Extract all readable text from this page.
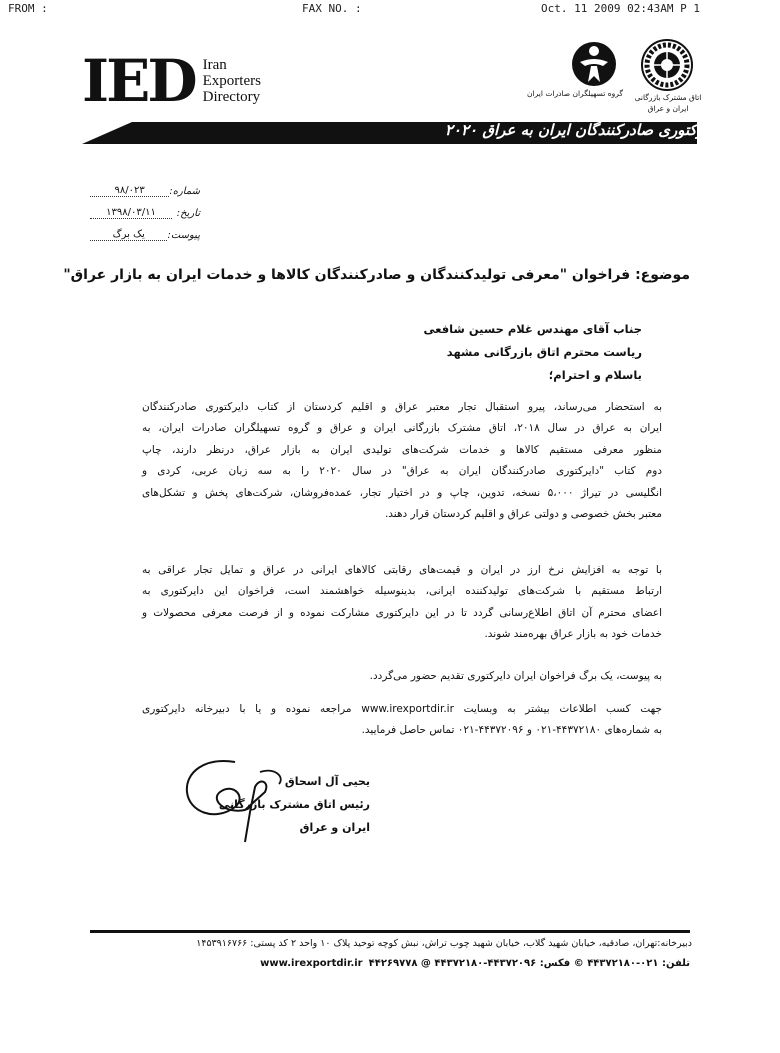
FROM :	FAX NO. :	Oct. 11 2009 02:43AM P 1
IED Iran
Exporters
Directory	گروه تسهیلگران صادرات ایران	اتاق مشترک بازرگانی
ایران و عراق
دایرکتوری صادرکنندگان ایران به عراق ۲۰۲۰
۹۸/۰۲۳	شماره:
۱۳۹۸/۰۳/۱۱	تاریخ:
یک برگ	پیوست:
موضوع: فراخوان "معرفی تولیدکنندگان و صادرکنندگان کالاها و خدمات ایران به بازار عراق"
جناب آقای مهندس غلام حسین شافعی
ریاست محترم اتاق بازرگانی مشهد
باسلام و احترام؛
به استحضار می‌رساند، پیرو استقبال تجار معتبر عراق و اقلیم کردستان از کتاب دایرکتوری صادرکنندگان
ایران به عراق در سال ۲۰۱۸، اتاق مشترک بازرگانی ایران و عراق و گروه تسهیلگران صادرات ایران، به
منظور معرفی مستقیم کالاها و خدمات شرکت‌های تولیدی ایران به بازار عراق، درنظر دارند، چاپ
دوم کتاب "دایرکتوری صادرکنندگان ایران به عراق" در سال ۲۰۲۰ را به سه زبان عربی، کردی و
انگلیسی در تیراژ ۵،۰۰۰ نسخه، تدوین، چاپ و در اختیار تجار، عمده‌فروشان، شرکت‌های پخش و تشکل‌های
معتبر بخش خصوصی و دولتی عراق و اقلیم کردستان قرار دهند.
با توجه به افزایش نرخ ارز در ایران و قیمت‌های رقابتی کالاهای ایرانی در عراق و تمایل تجار عراقی به
ارتباط مستقیم با شرکت‌های تولیدکننده ایرانی، بدینوسیله خواهشمند است، فراخوان این دایرکتوری به
اعضای محترم آن اتاق اطلاع‌رسانی گردد تا در این دایرکتوری مشارکت نموده و از فرصت معرفی محصولات و
خدمات خود به بازار عراق بهره‌مند شوند.
به پیوست، یک برگ فراخوان ایران دایرکتوری تقدیم حضور می‌گردد.
جهت کسب اطلاعات بیشتر به وبسایت www.irexportdir.ir مراجعه نموده و یا با دبیرخانه دایرکتوری
به شماره‌های ۴۴۳۷۲۱۸۰-۰۲۱ و ۴۴۳۷۲۰۹۶-۰۲۱ تماس حاصل فرمایید.
یحیی آل اسحاق
رئیس اتاق مشترک بازرگانی
ایران و عراق
دبیرخانه:تهران، صادقیه، خیابان شهید گلاب، خیابان شهید چوب تراش، نبش کوچه توحید پلاک ۱۰ واحد ۲ کد پستی: ۱۴۵۳۹۱۶۷۶۶
www.irexportdir.ir تلفن: ۰۲۱-۴۴۳۷۲۱۸۰ © فکس: ۴۴۳۷۲۰۹۶-۴۴۳۷۲۱۸۰ @ ۴۴۲۶۹۷۷۸
